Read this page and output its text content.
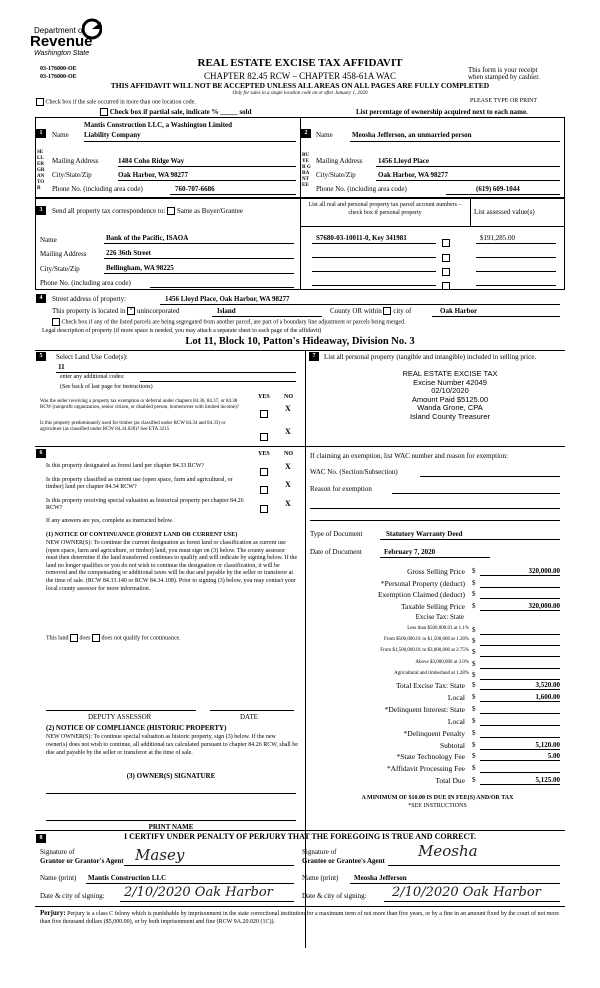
Department of
Revenue
Washington State
03-176000-OE
03-176000-OE
REAL ESTATE EXCISE TAX AFFIDAVIT
CHAPTER 82.45 RCW – CHAPTER 458-61A WAC
This form is your receipt
when stamped by cashier.
THIS AFFIDAVIT WILL NOT BE ACCEPTED UNLESS ALL AREAS ON ALL PAGES ARE FULLY COMPLETED
Only for sales in a single location code on or after January 1, 2020
Check box if the sale occurred in more than one location code.	PLEASE TYPE OR PRINT
Check box if partial sale, indicate % _____ sold	List percentage of ownership acquired next to each name.
1
SELLER GRANTOR
Name
Mantis Construction LLC, a Washington Limited
Liability Company
Mailing Address	1484 Coho Ridge Way
City/State/Zip	Oak Harbor, WA 98277
Phone No. (including area code)	760-707-6686
2
BUYER GRANTEE
Name	Meosha Jefferson, an unmarried person
Mailing Address 1456 Lloyd Place
City/State/Zip	Oak Harbor, WA 98277
Phone No. (including area code)	(619) 609-1044
3	Send all property tax correspondence to: Same as Buyer/Grantee
List all real and personal property tax parcel account numbers – check box if personal property	List assessed value(s)
Name	Bank of the Pacific, ISAOA
Mailing Address	226 36th Street
City/State/Zip	Bellingham, WA 98225
Phone No. (including area code)
S7680-03-10011-0, Key 341981	$191,285.00
4	Street address of property:	1456 Lloyd Place, Oak Harbor, WA 98277
This property is located in × unincorporated	Island	County OR within city of	Oak Harbor
Check box if any of the listed parcels are being segregated from another parcel, are part of a boundary line adjustment or parcels being merged.
Legal description of property (if more space is needed, you may attach a separate sheet to each page of the affidavit)
Lot 11, Block 10, Patton's Hideaway, Division No. 3
5	Select Land Use Code(s):
11
enter any additional codes:
(See back of last page for instructions)
YES NO
Was the seller receiving a property tax exemption or deferral under chapters 84.36, 84.37, or 84.38 RCW (nonprofit organization, senior citizen, or disabled person, homeowner with limited income)?	X
Is this property predominantly used for timber (as classified under RCW 84.34 and 84.33) or agriculture (as classified under RCW 84.34.020)? See ETA 3215	X
7	List all personal property (tangible and intangible) included in selling price.
REAL ESTATE EXCISE TAX
Excise Number 42049
02/10/2020
Amount Paid $5125.00
Wanda Grone, CPA
Island County Treasurer
6	YES NO
Is this property designated as forest land per chapter 84.33 RCW?	X
Is this property classified as current use (open space, farm and agricultural, or timber) land per chapter 84.34 RCW?	X
Is this property receiving special valuation as historical property per chapter 84.26 RCW?	X
If any answers are yes, complete as instructed below.
(1) NOTICE OF CONTINUANCE (FOREST LAND OR CURRENT USE)
NEW OWNER(S): To continue the current designation as forest land or classification as current use (open space, farm and agriculture, or timber) land, you must sign on (3) below. The county assessor must then determine if the land transferred continues to qualify and will indicate by signing below. If the land no longer qualifies or you do not wish to continue the designation or classification, it will be removed and the compensating or additional taxes will be due and payable by the seller or transferor at the time of sale. (RCW 84.33.140 or RCW 84.34.108). Prior to signing (3) below, you may contact your local county assessor for more information.
This land does does not qualify for continuance.
DEPUTY ASSESSOR	DATE
(2) NOTICE OF COMPLIANCE (HISTORIC PROPERTY)
NEW OWNER(S): To continue special valuation as historic property, sign (3) below. If the new owner(s) does not wish to continue, all additional tax calculated pursuant to chapter 84.26 RCW, shall be due and payable by the seller or transferor at the time of sale.
(3) OWNER(S) SIGNATURE
PRINT NAME
If claiming an exemption, list WAC number and reason for exemption:
WAC No. (Section/Subsection)
Reason for exemption
Type of Document	Statutory Warranty Deed
Date of Document	February 7, 2020
Gross Selling Price $	320,000.00
*Personal Property (deduct) $
Exemption Claimed (deduct) $
Taxable Selling Price $	320,000.00
Excise Tax: State
Less than $500,000.01 at 1.1% $
From $500,000.01 to $1,500,000 at 1.28% $
From $1,500,000.01 to $3,000,000 at 2.75% $
Above $3,000,000 at 3.0% $
Agricultural and timberland at 1.28% $
Total Excise Tax: State $	3,520.00
Local $	1,600.00
*Delinquent Interest: State $
Local $
*Delinquent Penalty $
Subtotal $	5,120.00
*State Technology Fee $	5.00
*Affidavit Processing Fee $
Total Due $	5,125.00
A MINIMUM OF $10.00 IS DUE IN FEE(S) AND/OR TAX
*SEE INSTRUCTIONS
8	I CERTIFY UNDER PENALTY OF PERJURY THAT THE FOREGOING IS TRUE AND CORRECT.
Signature of
Grantor or Grantor's Agent Masey	Signature of
Grantee or Grantee's Agent
Meosha
Name (print) Mantis Construction LLC	Name (print) Meosha Jefferson
Date & city of signing: 2/10/2020 Oak Harbor	Date & city of signing: 2/10/2020 Oak Harbor
Perjury: Perjury is a class C felony which is punishable by imprisonment in the state correctional institution for a maximum term of not more than five years, or by a fine in an amount fixed by the court of not more than five thousand dollars ($5,000.00), or by both imprisonment and fine (RCW 9A.20.020 (1C)).
